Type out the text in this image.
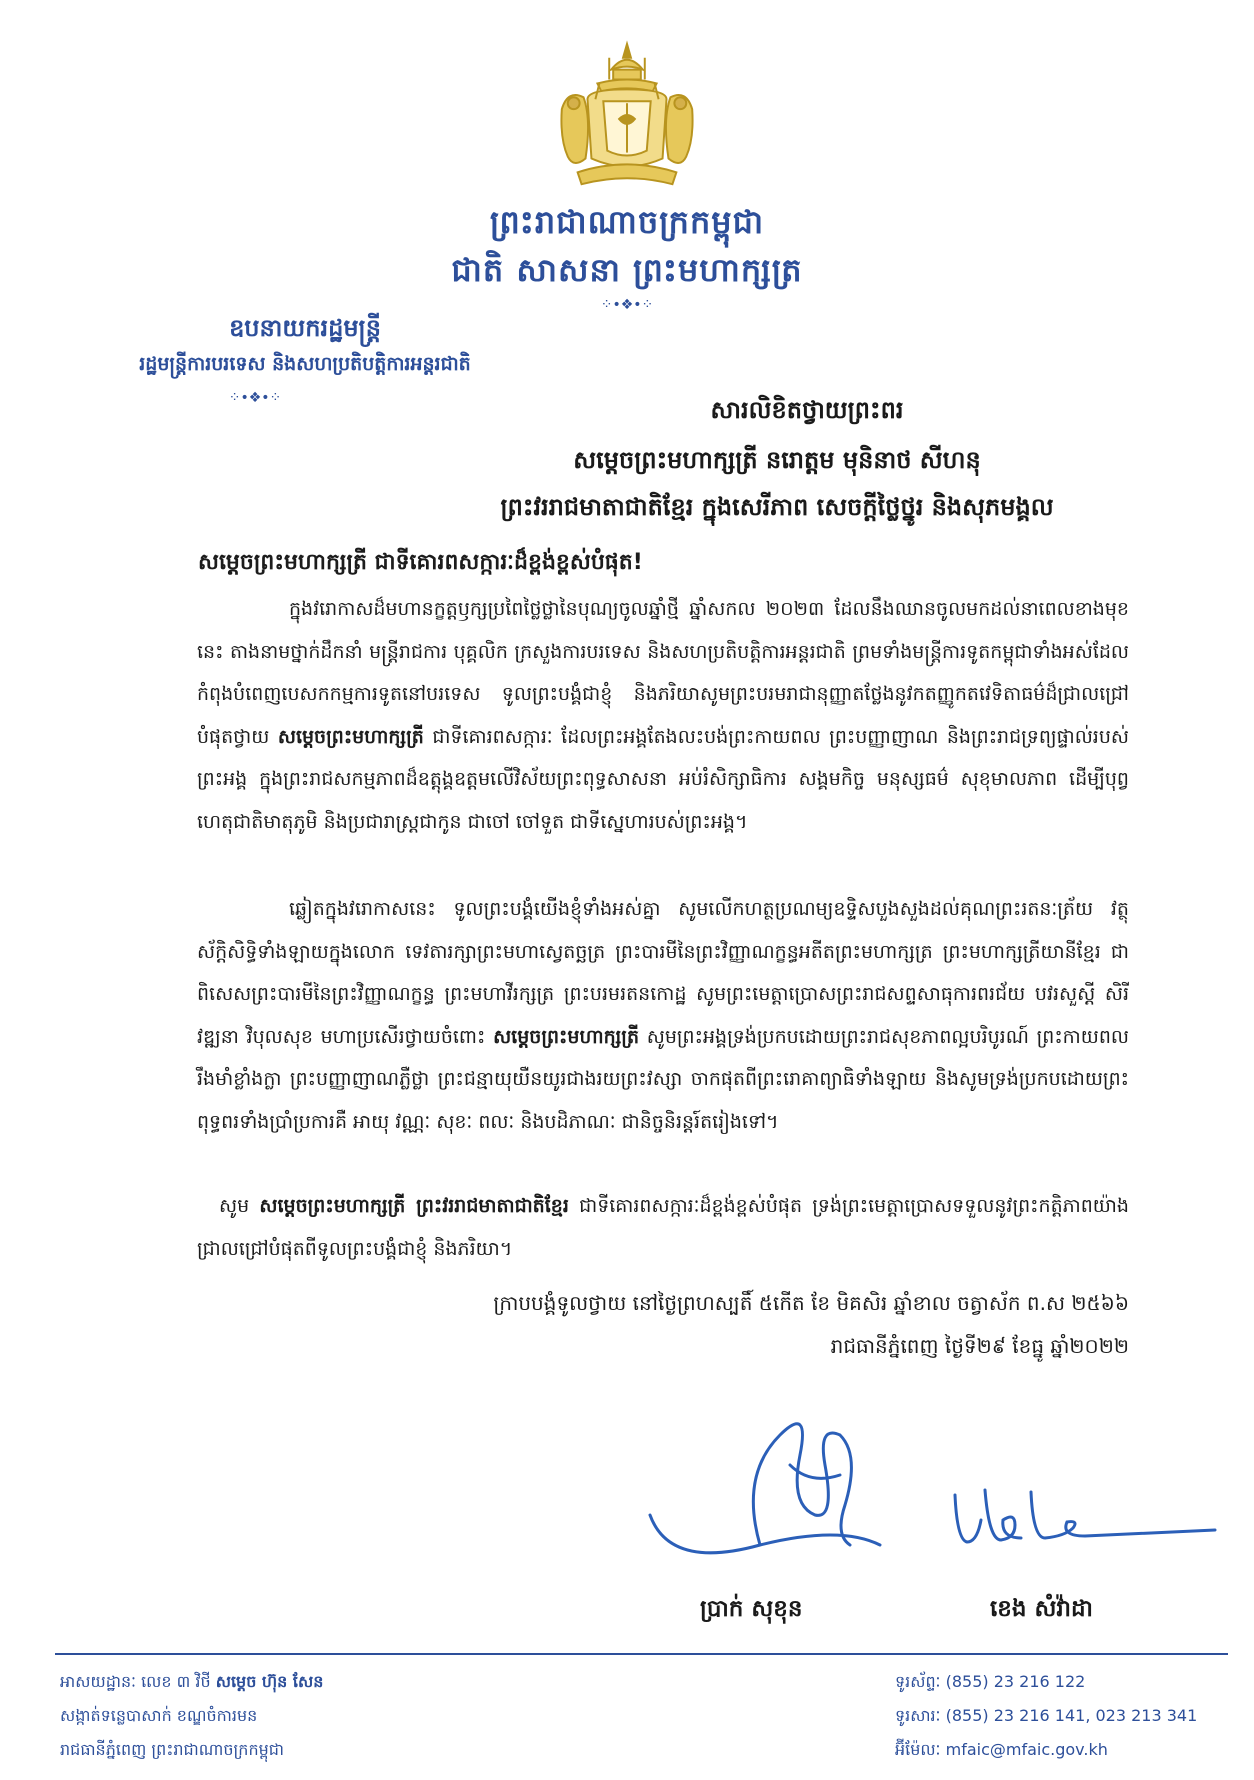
ព្រះរាជាណាចក្រកម្ពុជា
ជាតិ សាសនា ព្រះមហាក្សត្រ
⁘•❖•⁘
ឧបនាយករដ្ឋមន្ត្រី
រដ្ឋមន្ត្រីការបរទេស និងសហប្រតិបត្តិការអន្តរជាតិ
⁘•❖•⁘	សារលិខិតថ្វាយព្រះពរ
សម្តេចព្រះមហាក្សត្រី នរោត្តម មុនិនាថ សីហនុ
ព្រះវររាជមាតាជាតិខ្មែរ ក្នុងសេរីភាព សេចក្តីថ្លៃថ្នូរ និងសុភមង្គល
សម្តេចព្រះមហាក្សត្រី ជាទីគោរពសក្ការៈដ៏ខ្ពង់ខ្ពស់បំផុត!
ក្នុងវរោកាសដ៏មហានក្ខត្តឫក្សប្រពៃថ្លៃថ្លានៃបុណ្យចូលឆ្នាំថ្មី ឆ្នាំសកល ២០២៣ ដែលនឹងឈានចូលមកដល់នាពេលខាងមុខនេះ តាងនាមថ្នាក់ដឹកនាំ មន្ត្រីរាជការ បុគ្គលិក ក្រសួងការបរទេស និងសហប្រតិបត្តិការអន្តរជាតិ ព្រមទាំងមន្ត្រីការទូតកម្ពុជាទាំងអស់ដែលកំពុងបំពេញបេសកកម្មការទូតនៅបរទេស ទូលព្រះបង្គំជាខ្ញុំ និងភរិយាសូមព្រះបរមរាជានុញ្ញាតថ្លែងនូវកតញ្ញូកតវេទិតាធម៌ដ៏ជ្រាលជ្រៅបំផុតថ្វាយ សម្តេចព្រះមហាក្សត្រី ជាទីគោរពសក្ការៈ ដែលព្រះអង្គតែងលះបង់ព្រះកាយពល ព្រះបញ្ញាញាណ និងព្រះរាជទ្រព្យផ្ទាល់របស់ព្រះអង្គ ក្នុងព្រះរាជសកម្មភាពដ៏ឧត្តុង្គឧត្តមលើវិស័យព្រះពុទ្ធសាសនា អប់រំសិក្សាធិការ សង្គមកិច្ច មនុស្សធម៌ សុខុមាលភាព ដើម្បីបុព្វហេតុជាតិមាតុភូមិ និងប្រជារាស្ត្រជាកូន ជាចៅ ចៅទួត ជាទីស្នេហារបស់ព្រះអង្គ។
ឆ្លៀតក្នុងវរោកាសនេះ ទូលព្រះបង្គំយើងខ្ញុំទាំងអស់គ្នា សូមលើកហត្ថប្រណម្យឧទ្ទិសបួងសួងដល់គុណព្រះរតនៈត្រ័យ វត្ថុស័ក្តិសិទ្ធិទាំងឡាយក្នុងលោក ទេវតារក្សាព្រះមហាស្វេតច្ឆត្រ ព្រះបារមីនៃព្រះវិញ្ញាណក្ខន្ធអតីតព្រះមហាក្សត្រ ព្រះមហាក្សត្រីយានីខ្មែរ ជាពិសេសព្រះបារមីនៃព្រះវិញ្ញាណក្ខន្ធ ព្រះមហាវីរក្សត្រ ព្រះបរមរតនកោដ្ឋ សូមព្រះមេត្តាប្រោសព្រះរាជសព្ទសាធុការពរជ័យ បវរសួស្តី សិរីវឌ្ឍនា វិបុលសុខ មហាប្រសើរថ្វាយចំពោះ សម្តេចព្រះមហាក្សត្រី សូមព្រះអង្គទ្រង់ប្រកបដោយព្រះរាជសុខភាពល្អបរិបូរណ៍ ព្រះកាយពលរឹងមាំខ្លាំងក្លា ព្រះបញ្ញាញាណភ្លឺថ្លា ព្រះជន្មាយុយឺនយូរជាងរយព្រះវស្សា ចាកផុតពីព្រះរោគាព្យាធិទាំងឡាយ និងសូមទ្រង់ប្រកបដោយព្រះពុទ្ធពរទាំងប្រាំប្រការគឺ អាយុ វណ្ណៈ សុខៈ ពលៈ និងបដិភាណៈ ជានិច្ចនិរន្តរ៍តរៀងទៅ។
សូម សម្តេចព្រះមហាក្សត្រី ព្រះវររាជមាតាជាតិខ្មែរ ជាទីគោរពសក្ការៈដ៏ខ្ពង់ខ្ពស់បំផុត ទ្រង់ព្រះមេត្តាប្រោសទទួលនូវព្រះកត្តិភាពយ៉ាងជ្រាលជ្រៅបំផុតពីទូលព្រះបង្គំជាខ្ញុំ និងភរិយា។
ក្រាបបង្គំទូលថ្វាយ នៅថ្ងៃព្រហស្បតិ៍ ៥កើត ខែ មិគសិរ ឆ្នាំខាល ចត្វាស័ក ព.ស ២៥៦៦
រាជធានីភ្នំពេញ ថ្ងៃទី២៩ ខែធ្នូ ឆ្នាំ២០២២
ប្រាក់ សុខុន	ខេង សំវ៉ាដា
អាសយដ្ឋានៈ លេខ ៣ វិថី សម្តេច ហ៊ុន សែន
សង្កាត់ទន្លេបាសាក់ ខណ្ឌចំការមន
រាជធានីភ្នំពេញ ព្រះរាជាណាចក្រកម្ពុជា
ទូរស័ព្ទៈ (855) 23 216 122
ទូរសារៈ (855) 23 216 141, 023 213 341
អ៊ីម៉ែលៈ mfaic@mfaic.gov.kh
